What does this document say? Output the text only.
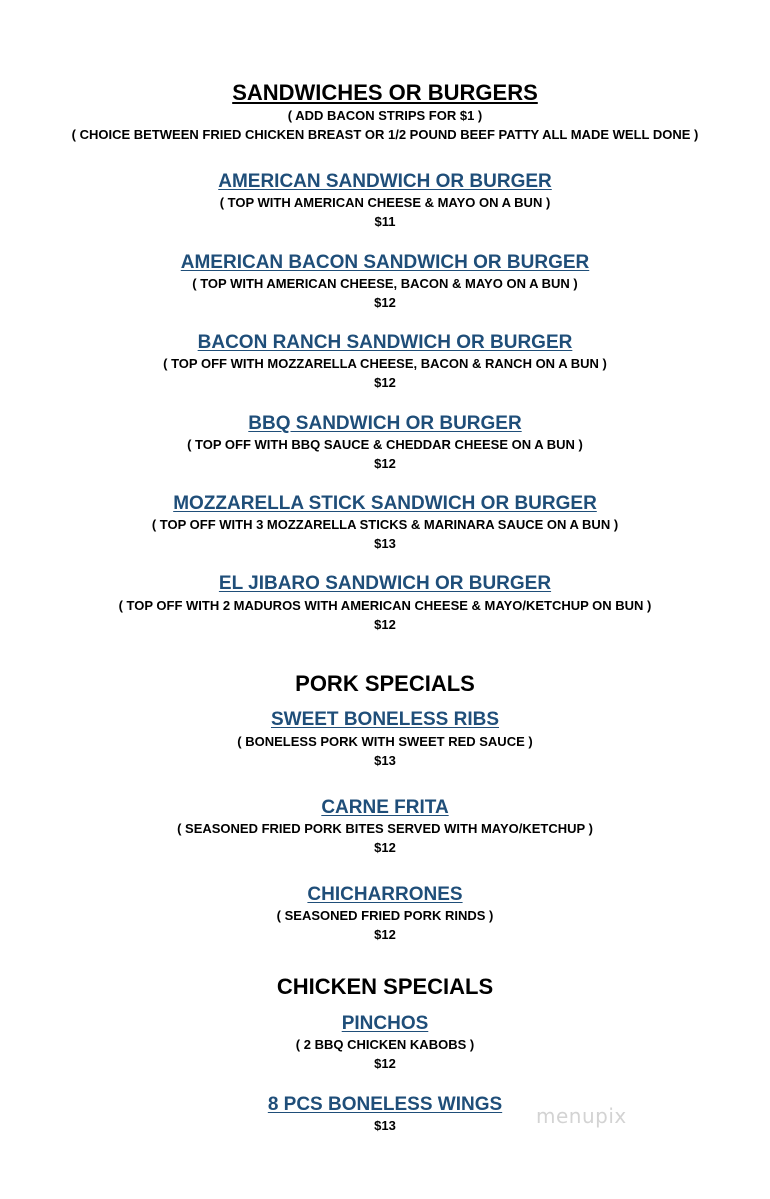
SANDWICHES OR BURGERS
( ADD BACON STRIPS FOR $1 )
( CHOICE BETWEEN FRIED CHICKEN BREAST OR 1/2 POUND BEEF PATTY ALL MADE WELL DONE )
AMERICAN SANDWICH OR BURGER
( TOP WITH AMERICAN CHEESE & MAYO ON A BUN )
$11
AMERICAN BACON SANDWICH OR BURGER
( TOP WITH AMERICAN CHEESE, BACON & MAYO ON A BUN )
$12
BACON RANCH SANDWICH OR BURGER
( TOP OFF WITH MOZZARELLA CHEESE, BACON & RANCH ON A BUN )
$12
BBQ SANDWICH OR BURGER
( TOP OFF WITH BBQ SAUCE & CHEDDAR CHEESE ON A BUN )
$12
MOZZARELLA STICK SANDWICH OR BURGER
( TOP OFF WITH 3 MOZZARELLA STICKS & MARINARA SAUCE ON A BUN )
$13
EL JIBARO SANDWICH OR BURGER
( TOP OFF WITH 2 MADUROS WITH AMERICAN CHEESE & MAYO/KETCHUP ON BUN )
$12
PORK SPECIALS
SWEET BONELESS RIBS
( BONELESS PORK WITH SWEET RED SAUCE )
$13
CARNE FRITA
( SEASONED FRIED PORK BITES SERVED WITH MAYO/KETCHUP )
$12
CHICHARRONES
( SEASONED FRIED PORK RINDS )
$12
CHICKEN SPECIALS
PINCHOS
( 2 BBQ CHICKEN KABOBS )
$12
8 PCS BONELESS WINGS
$13	menupix
